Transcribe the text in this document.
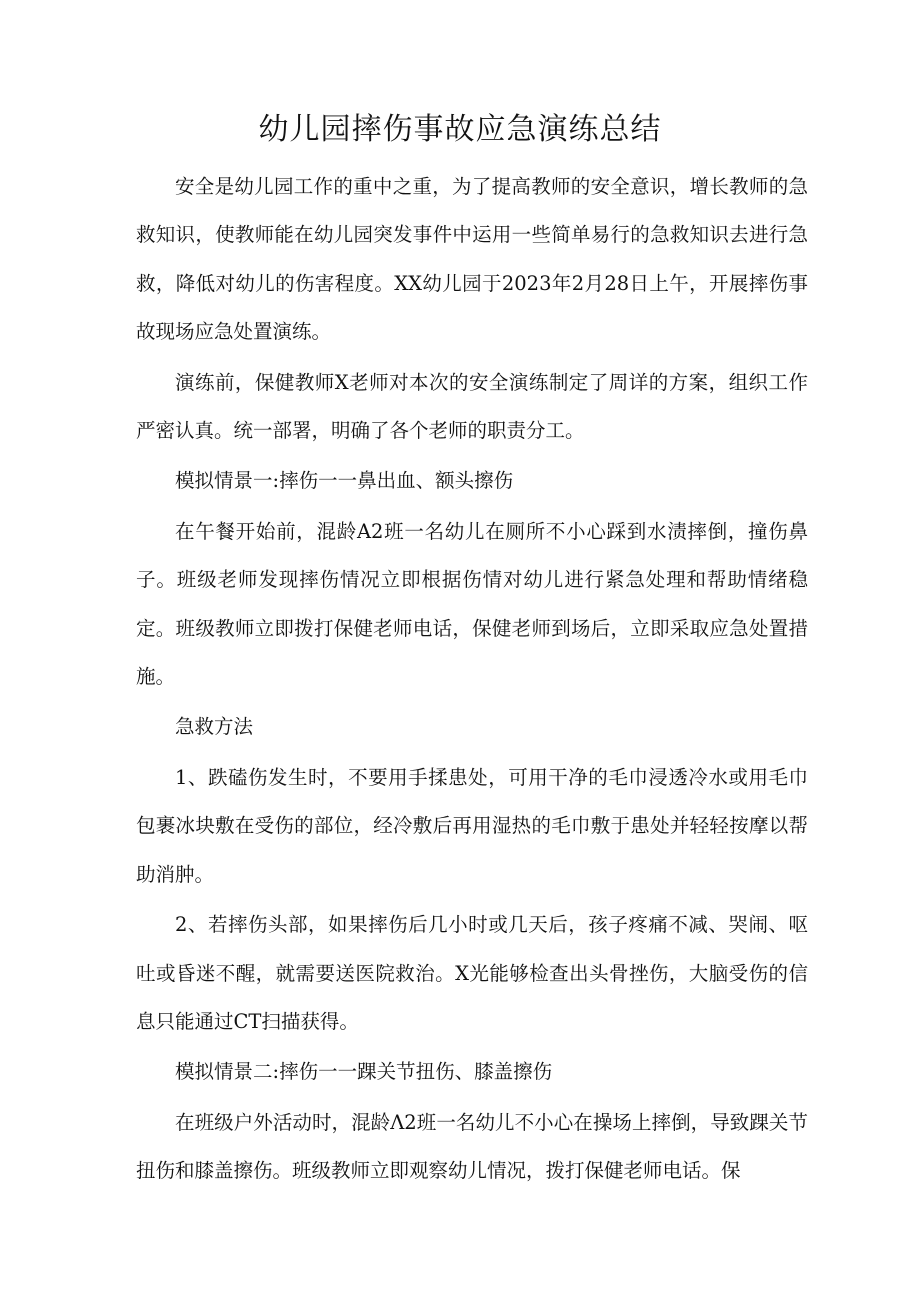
幼儿园摔伤事故应急演练总结

安全是幼儿园工作的重中之重，为了提高教师的安全意识，增长教师的急救知识，使教师能在幼儿园突发事件中运用一些简单易行的急救知识去进行急救，降低对幼儿的伤害程度。XX幼儿园于2023年2月28日上午，开展摔伤事故现场应急处置演练。

演练前，保健教师X老师对本次的安全演练制定了周详的方案，组织工作严密认真。统一部署，明确了各个老师的职责分工。

模拟情景一:摔伤一一鼻出血、额头擦伤

在午餐开始前，混龄A2班一名幼儿在厕所不小心踩到水渍摔倒，撞伤鼻子。班级老师发现摔伤情况立即根据伤情对幼儿进行紧急处理和帮助情绪稳定。班级教师立即拨打保健老师电话，保健老师到场后，立即采取应急处置措施。

急救方法

1、跌磕伤发生时，不要用手揉患处，可用干净的毛巾浸透冷水或用毛巾包裹冰块敷在受伤的部位，经冷敷后再用湿热的毛巾敷于患处并轻轻按摩以帮助消肿。

2、若摔伤头部，如果摔伤后几小时或几天后，孩子疼痛不减、哭闹、呕吐或昏迷不醒，就需要送医院救治。X光能够检查出头骨挫伤，大脑受伤的信息只能通过CT扫描获得。

模拟情景二:摔伤一一踝关节扭伤、膝盖擦伤

在班级户外活动时，混龄Λ2班一名幼儿不小心在操场上摔倒，导致踝关节扭伤和膝盖擦伤。班级教师立即观察幼儿情况，拨打保健老师电话。保
